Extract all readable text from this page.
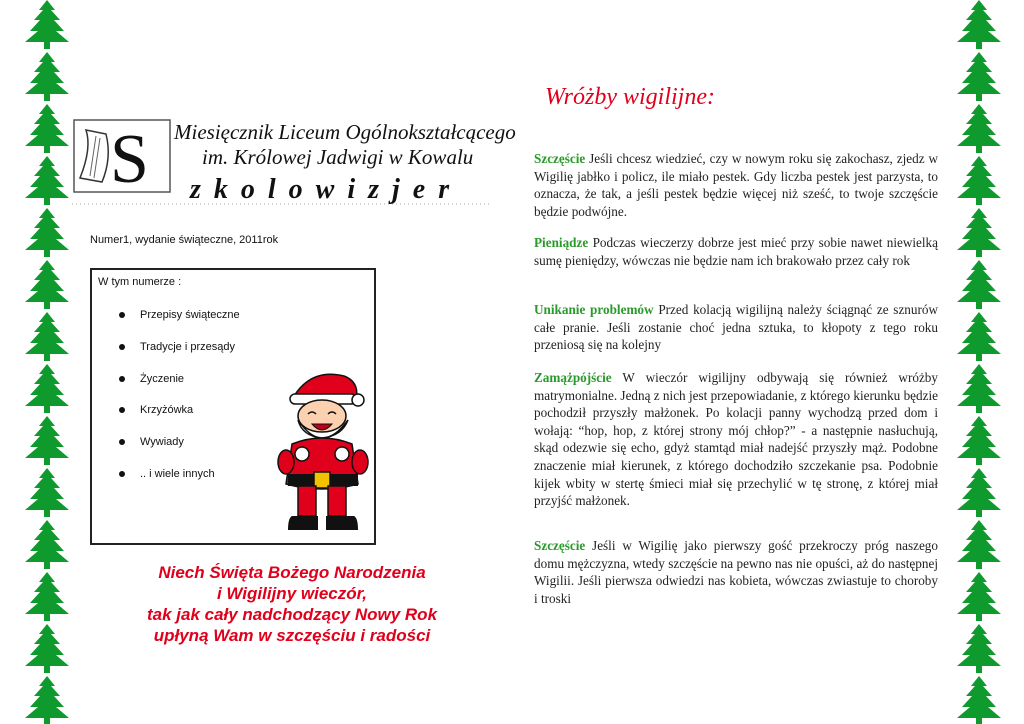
S Miesięcznik Liceum Ogólnokształcącego
im. Królowej Jadwigi w Kowalu
zkolowizjer
Numer1, wydanie świąteczne, 2011rok
W tym numerze :
Przepisy świąteczne
Tradycje i przesądy
Życzenie
Krzyżówka
Wywiady
.. i wiele innych
Niech Święta Bożego Narodzenia
i Wigilijny wieczór,
tak jak cały nadchodzący Nowy Rok
upłyną Wam w szczęściu i radości
Wróżby wigilijne:
Szczęście Jeśli chcesz wiedzieć, czy w nowym roku się zakochasz, zjedz w Wigilię jabłko i policz, ile miało pestek. Gdy liczba pestek jest parzysta, to oznacza, że tak, a jeśli pestek będzie więcej niż sześć, to twoje szczęście będzie podwójne.
Pieniądze Podczas wieczerzy dobrze jest mieć przy sobie nawet niewielką sumę pieniędzy, wówczas nie będzie nam ich brakowało przez cały rok
Unikanie problemów Przed kolacją wigilijną należy ściągnąć ze sznurów całe pranie. Jeśli zostanie choć jedna sztuka, to kłopoty z tego roku przeniosą się na kolejny
Zamążpójście W wieczór wigilijny odbywają się również wróżby matrymonialne. Jedną z nich jest przepowiadanie, z którego kierunku będzie pochodził przyszły małżonek. Po kolacji panny wychodzą przed dom i wołają: “hop, hop, z której strony mój chłop?” - a następnie nasłuchują, skąd odezwie się echo, gdyż stamtąd miał nadejść przyszły mąż. Podobne znaczenie miał kierunek, z którego dochodziło szczekanie psa. Podobnie kijek wbity w stertę śmieci miał się przechylić w tę stronę, z której miał przyjść małżonek.
Szczęście Jeśli w Wigilię jako pierwszy gość przekroczy próg naszego domu mężczyzna, wtedy szczęście na pewno nas nie opuści, aż do następnej Wigilii. Jeśli pierwsza odwiedzi nas kobieta, wówczas zwiastuje to choroby i troski
